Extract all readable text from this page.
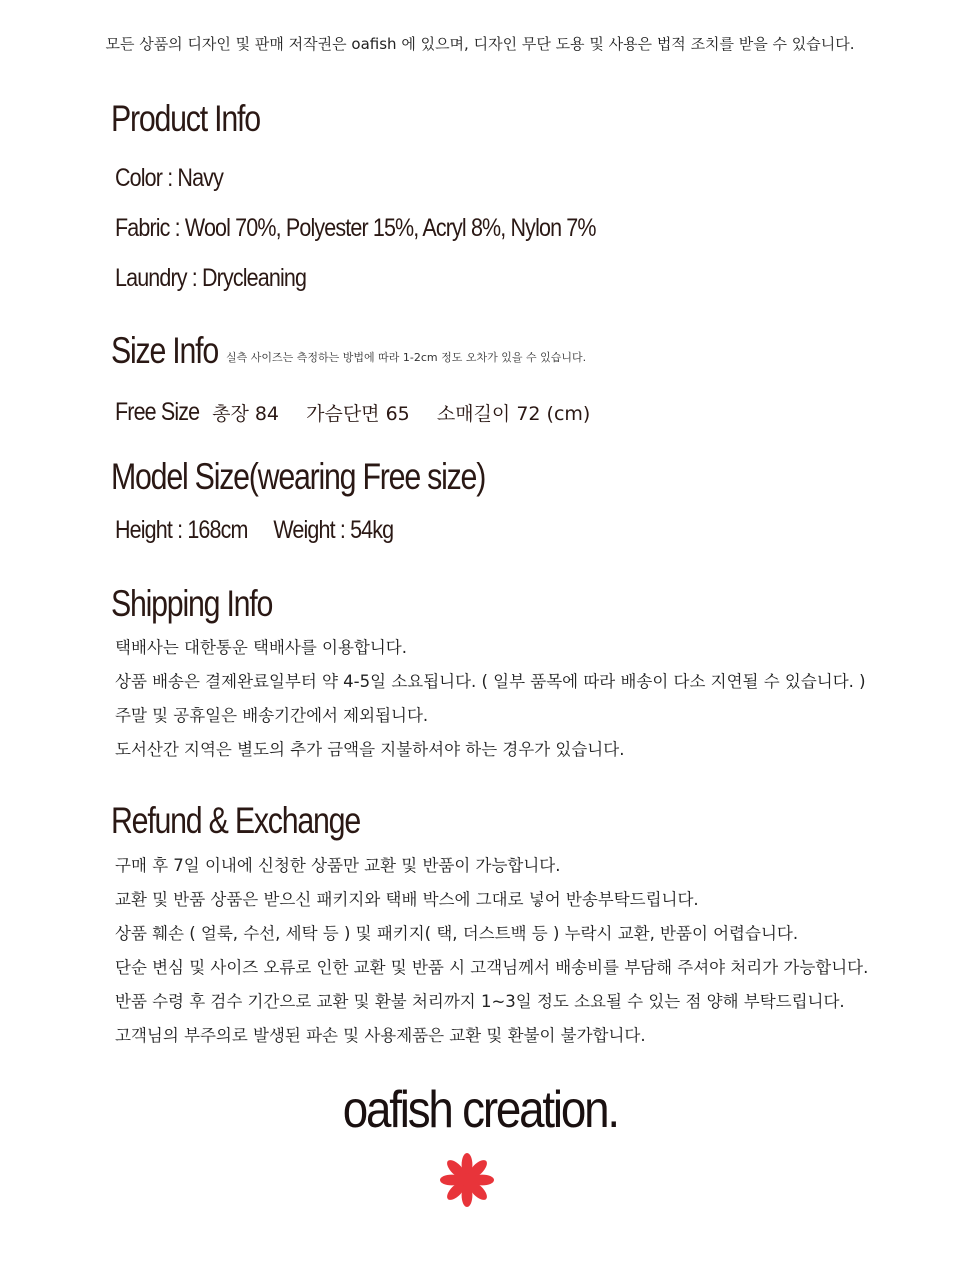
모든 상품의 디자인 및 판매 저작권은 oafish 에 있으며, 디자인 무단 도용 및 사용은 법적 조치를 받을 수 있습니다.
Product Info
Color : Navy
Fabric : Wool 70%, Polyester 15%, Acryl 8%, Nylon 7%
Laundry : Drycleaning
Size Info 실측 사이즈는 측정하는 방법에 따라 1-2cm 정도 오차가 있을 수 있습니다.
Free Size 총장 84 가슴단면 65 소매길이 72 (cm)
Model Size(wearing Free size)
Height : 168cm Weight : 54kg
Shipping Info
택배사는 대한통운 택배사를 이용합니다.
상품 배송은 결제완료일부터 약 4-5일 소요됩니다. ( 일부 품목에 따라 배송이 다소 지연될 수 있습니다. )
주말 및 공휴일은 배송기간에서 제외됩니다.
도서산간 지역은 별도의 추가 금액을 지불하셔야 하는 경우가 있습니다.
Refund & Exchange
구매 후 7일 이내에 신청한 상품만 교환 및 반품이 가능합니다.
교환 및 반품 상품은 받으신 패키지와 택배 박스에 그대로 넣어 반송부탁드립니다.
상품 훼손 ( 얼룩, 수선, 세탁 등 ) 및 패키지( 택, 더스트백 등 ) 누락시 교환, 반품이 어렵습니다.
단순 변심 및 사이즈 오류로 인한 교환 및 반품 시 고객님께서 배송비를 부담해 주셔야 처리가 가능합니다.
반품 수령 후 검수 기간으로 교환 및 환불 처리까지 1~3일 정도 소요될 수 있는 점 양해 부탁드립니다.
고객님의 부주의로 발생된 파손 및 사용제품은 교환 및 환불이 불가합니다.
oafish creation.
